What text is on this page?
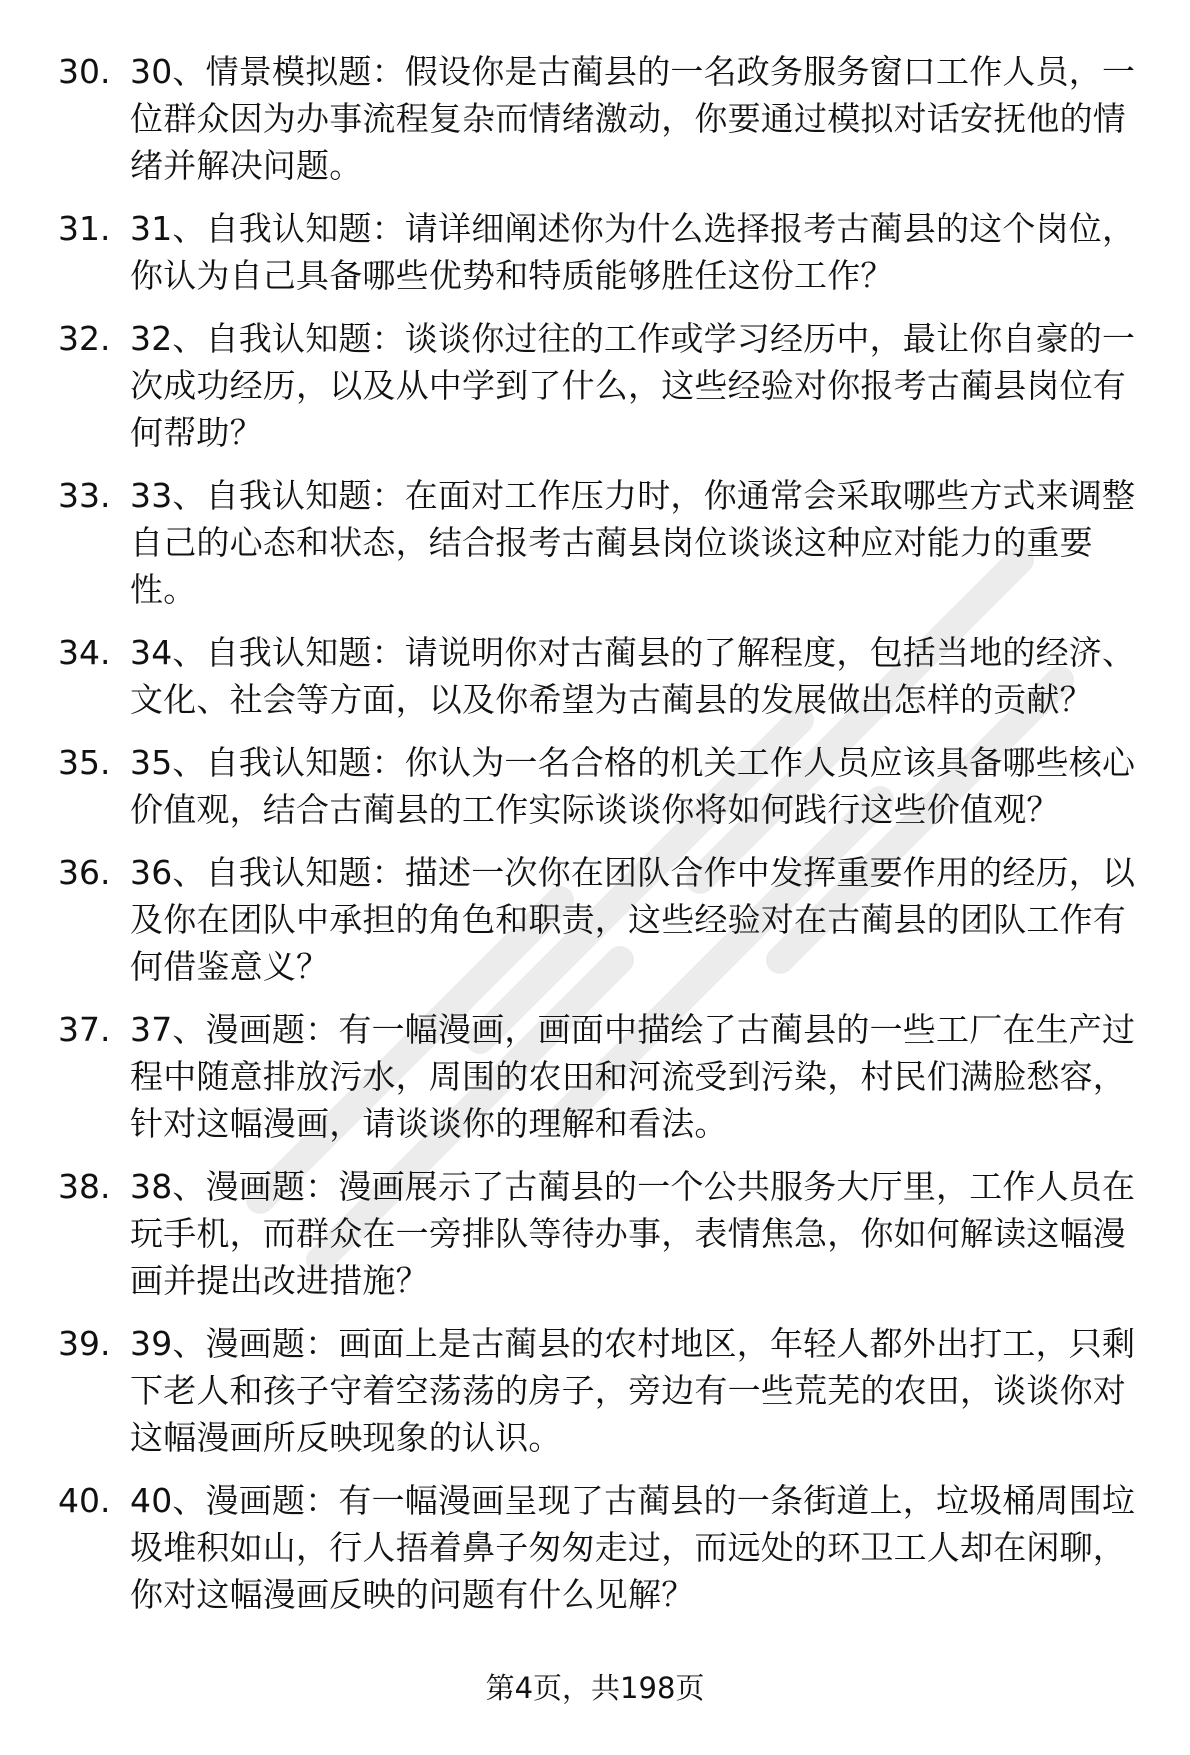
30. 30、情景模拟题：假设你是古蔺县的一名政务服务窗口工作人员，一位群众因为办事流程复杂而情绪激动，你要通过模拟对话安抚他的情绪并解决问题。
31. 31、自我认知题：请详细阐述你为什么选择报考古蔺县的这个岗位，你认为自己具备哪些优势和特质能够胜任这份工作？
32. 32、自我认知题：谈谈你过往的工作或学习经历中，最让你自豪的一次成功经历，以及从中学到了什么，这些经验对你报考古蔺县岗位有何帮助？
33. 33、自我认知题：在面对工作压力时，你通常会采取哪些方式来调整自己的心态和状态，结合报考古蔺县岗位谈谈这种应对能力的重要性。
34. 34、自我认知题：请说明你对古蔺县的了解程度，包括当地的经济、文化、社会等方面，以及你希望为古蔺县的发展做出怎样的贡献？
35. 35、自我认知题：你认为一名合格的机关工作人员应该具备哪些核心价值观，结合古蔺县的工作实际谈谈你将如何践行这些价值观？
36. 36、自我认知题：描述一次你在团队合作中发挥重要作用的经历，以及你在团队中承担的角色和职责，这些经验对在古蔺县的团队工作有何借鉴意义？
37. 37、漫画题：有一幅漫画，画面中描绘了古蔺县的一些工厂在生产过程中随意排放污水，周围的农田和河流受到污染，村民们满脸愁容，针对这幅漫画，请谈谈你的理解和看法。
38. 38、漫画题：漫画展示了古蔺县的一个公共服务大厅里，工作人员在玩手机，而群众在一旁排队等待办事，表情焦急，你如何解读这幅漫画并提出改进措施？
39. 39、漫画题：画面上是古蔺县的农村地区，年轻人都外出打工，只剩下老人和孩子守着空荡荡的房子，旁边有一些荒芜的农田，谈谈你对这幅漫画所反映现象的认识。
40. 40、漫画题：有一幅漫画呈现了古蔺县的一条街道上，垃圾桶周围垃圾堆积如山，行人捂着鼻子匆匆走过，而远处的环卫工人却在闲聊，你对这幅漫画反映的问题有什么见解？
第4页，共198页
